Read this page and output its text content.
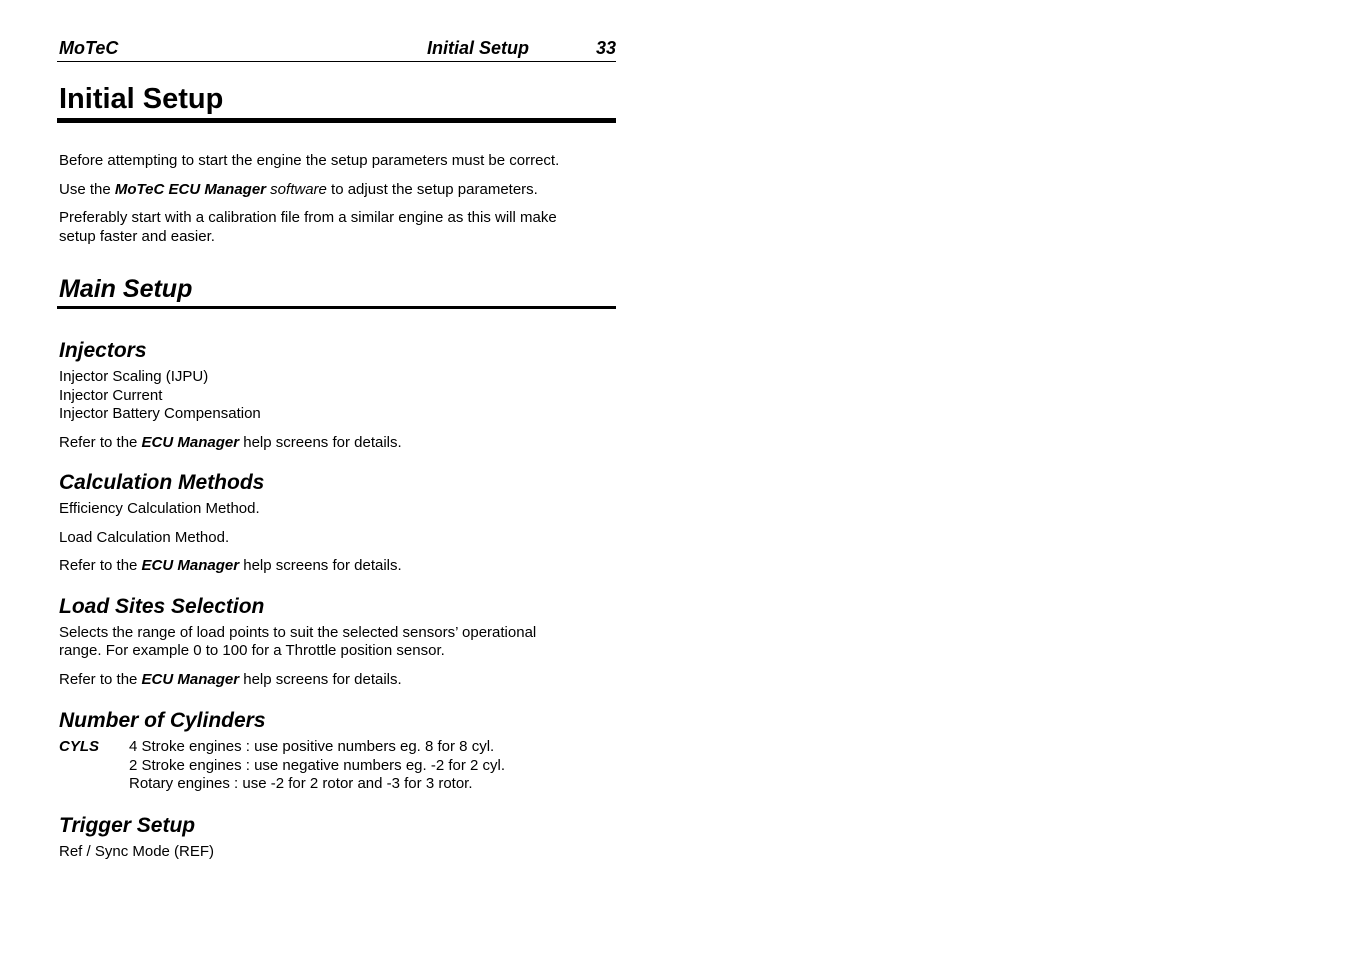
MoTeC	Initial Setup	33
Initial Setup

Before attempting to start the engine the setup parameters must be correct.

Use the MoTeC ECU Manager software to adjust the setup parameters.

Preferably start with a calibration file from a similar engine as this will make
setup faster and easier.

Main Setup
Injectors

Injector Scaling (IJPU)
Injector Current
Injector Battery Compensation

Refer to the ECU Manager help screens for details.

Calculation Methods

Efficiency Calculation Method.

Load Calculation Method.

Refer to the ECU Manager help screens for details.

Load Sites Selection

Selects the range of load points to suit the selected sensors’ operational
range. For example 0 to 100 for a Throttle position sensor.

Refer to the ECU Manager help screens for details.

Number of Cylinders
CYLS 4 Stroke engines : use positive numbers eg. 8 for 8 cyl.
2 Stroke engines : use negative numbers eg. -2 for 2 cyl.
Rotary engines : use -2 for 2 rotor and -3 for 3 rotor.
Trigger Setup

Ref / Sync Mode (REF)
